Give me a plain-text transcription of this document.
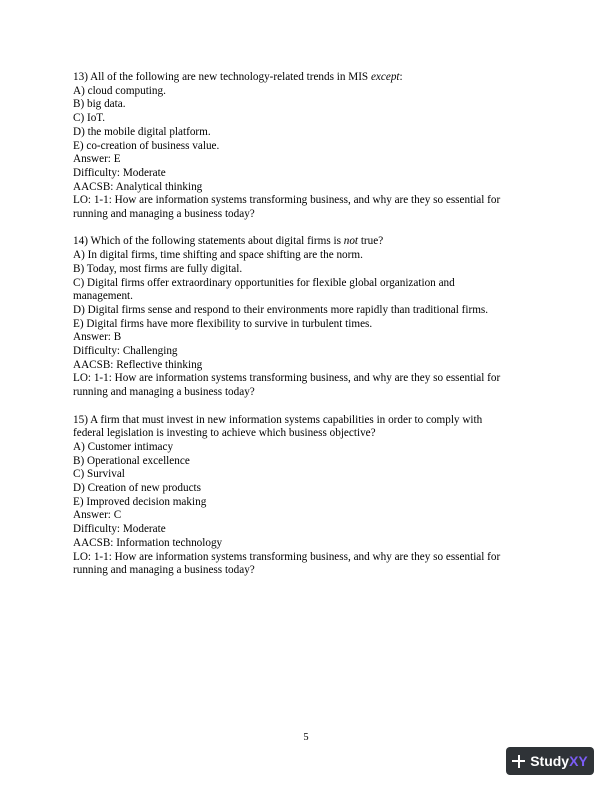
13) All of the following are new technology-related trends in MIS except:
A) cloud computing.
B) big data.
C) IoT.
D) the mobile digital platform.
E) co-creation of business value.
Answer: E
Difficulty: Moderate
AACSB: Analytical thinking
LO: 1-1: How are information systems transforming business, and why are they so essential for
running and managing a business today?
14) Which of the following statements about digital firms is not true?
A) In digital firms, time shifting and space shifting are the norm.
B) Today, most firms are fully digital.
C) Digital firms offer extraordinary opportunities for flexible global organization and
management.
D) Digital firms sense and respond to their environments more rapidly than traditional firms.
E) Digital firms have more flexibility to survive in turbulent times.
Answer: B
Difficulty: Challenging
AACSB: Reflective thinking
LO: 1-1: How are information systems transforming business, and why are they so essential for
running and managing a business today?
15) A firm that must invest in new information systems capabilities in order to comply with
federal legislation is investing to achieve which business objective?
A) Customer intimacy
B) Operational excellence
C) Survival
D) Creation of new products
E) Improved decision making
Answer: C
Difficulty: Moderate
AACSB: Information technology
LO: 1-1: How are information systems transforming business, and why are they so essential for
running and managing a business today?
5
Study XY
